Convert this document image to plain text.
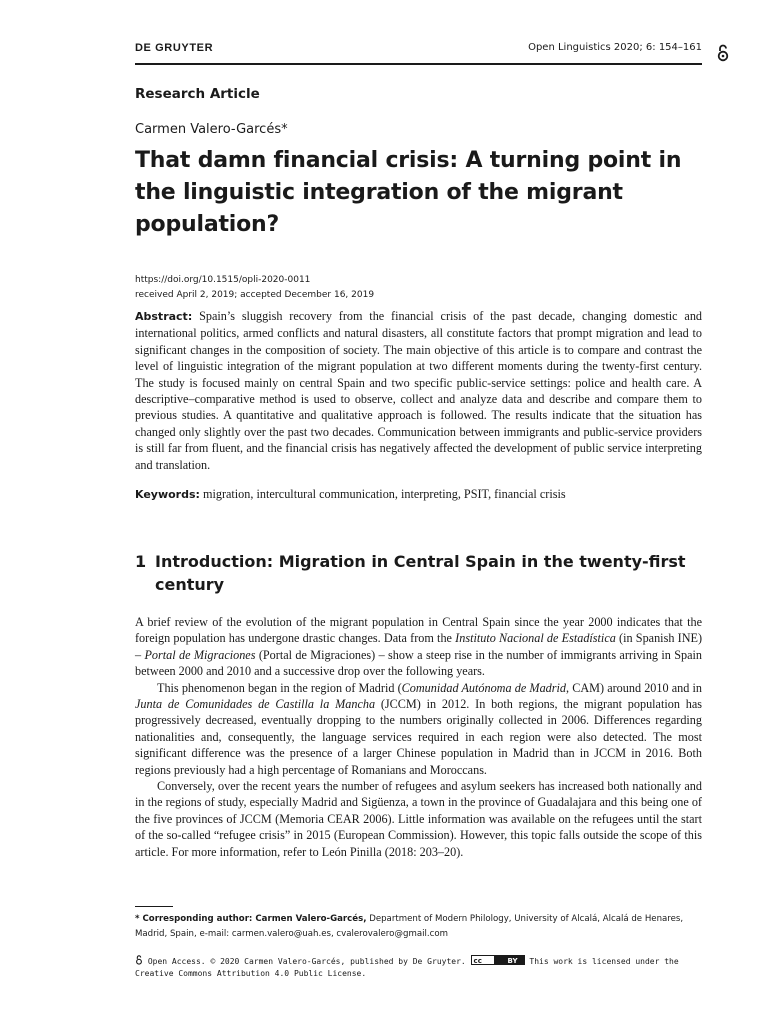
DE GRUYTER	Open Linguistics 2020; 6: 154–161
Research Article
Carmen Valero-Garcés*
That damn financial crisis: A turning point in the linguistic integration of the migrant population?
https://doi.org/10.1515/opli-2020-0011
received April 2, 2019; accepted December 16, 2019

Abstract: Spain’s sluggish recovery from the financial crisis of the past decade, changing domestic and international politics, armed conflicts and natural disasters, all constitute factors that prompt migration and lead to significant changes in the composition of society. The main objective of this article is to compare and contrast the level of linguistic integration of the migrant population at two different moments during the twenty-first century. The study is focused mainly on central Spain and two specific public-service settings: police and health care. A descriptive–comparative method is used to observe, collect and analyze data and describe and compare them to previous studies. A quantitative and qualitative approach is followed. The results indicate that the situation has changed only slightly over the past two decades. Communication between immigrants and public-service providers is still far from fluent, and the financial crisis has negatively affected the development of public service interpreting and translation.

Keywords: migration, intercultural communication, interpreting, PSIT, financial crisis

1 Introduction: Migration in Central Spain in the twenty-first
century

A brief review of the evolution of the migrant population in Central Spain since the year 2000 indicates that the foreign population has undergone drastic changes. Data from the Instituto Nacional de Estadística (in Spanish INE) – Portal de Migraciones (Portal de Migraciones) – show a steep rise in the number of immigrants arriving in Spain between 2000 and 2010 and a successive drop over the following years.

This phenomenon began in the region of Madrid (Comunidad Autónoma de Madrid, CAM) around 2010 and in Junta de Comunidades de Castilla la Mancha (JCCM) in 2012. In both regions, the migrant population has progressively decreased, eventually dropping to the numbers originally collected in 2006. Differences regarding nationalities and, consequently, the language services required in each region were also detected. The most significant difference was the presence of a larger Chinese population in Madrid than in JCCM in 2016. Both regions previously had a high percentage of Romanians and Moroccans.

Conversely, over the recent years the number of refugees and asylum seekers has increased both nationally and in the regions of study, especially Madrid and Sigüenza, a town in the province of Guadalajara and this being one of the five provinces of JCCM (Memoria CEAR 2006). Little information was available on the refugees until the start of the so-called “refugee crisis” in 2015 (European Commission). However, this topic falls outside the scope of this article. For more information, refer to León Pinilla (2018: 203–20).

* Corresponding author: Carmen Valero-Garcés, Department of Modern Philology, University of Alcalá, Alcalá de Henares, Madrid, Spain, e-mail: carmen.valero@uah.es, cvalerovalero@gmail.com

Open Access. © 2020 Carmen Valero-Garcés, published by De Gruyter. cc	BY This work is licensed under the Creative Commons Attribution 4.0 Public License.
